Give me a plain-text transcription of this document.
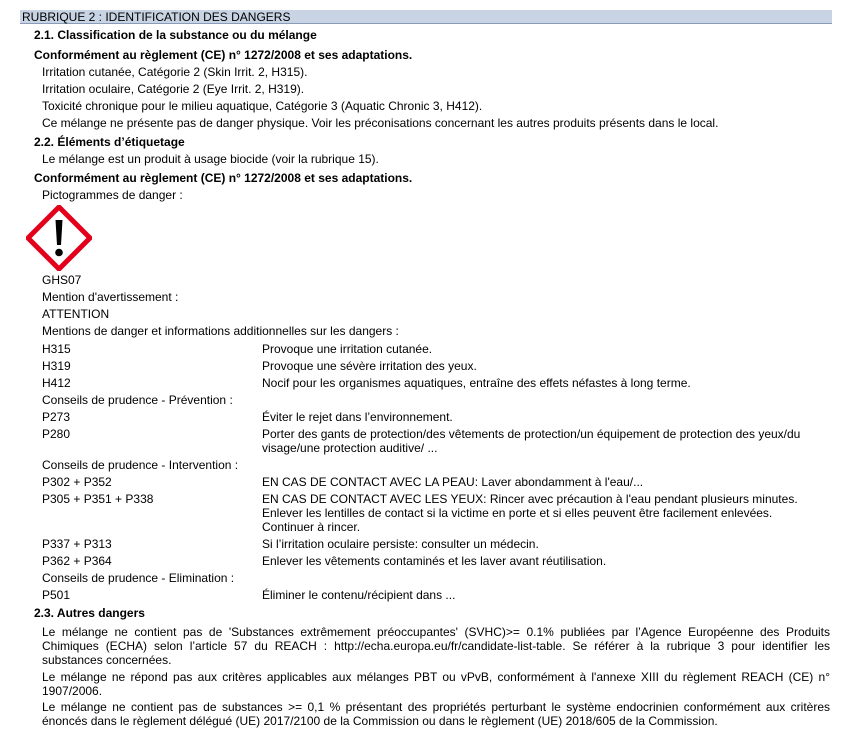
RUBRIQUE 2 : IDENTIFICATION DES DANGERS
2.1. Classification de la substance ou du mélange
Conformément au règlement (CE) n° 1272/2008 et ses adaptations.
Irritation cutanée, Catégorie 2 (Skin Irrit. 2, H315).
Irritation oculaire, Catégorie 2 (Eye Irrit. 2, H319).
Toxicité chronique pour le milieu aquatique, Catégorie 3 (Aquatic Chronic 3, H412).
Ce mélange ne présente pas de danger physique. Voir les préconisations concernant les autres produits présents dans le local.
2.2. Éléments d’étiquetage
Le mélange est un produit à usage biocide (voir la rubrique 15).
Conformément au règlement (CE) n° 1272/2008 et ses adaptations.
Pictogrammes de danger :
GHS07
Mention d'avertissement :
ATTENTION
Mentions de danger et informations additionnelles sur les dangers :
H315	Provoque une irritation cutanée.
H319	Provoque une sévère irritation des yeux.
H412	Nocif pour les organismes aquatiques, entraîne des effets néfastes à long terme.
Conseils de prudence - Prévention :
P273	Éviter le rejet dans l’environnement.
P280	Porter des gants de protection/des vêtements de protection/un équipement de protection des yeux/du
visage/une protection auditive/ ...
Conseils de prudence - Intervention :
P302 + P352	EN CAS DE CONTACT AVEC LA PEAU: Laver abondamment à l'eau/...
P305 + P351 + P338	EN CAS DE CONTACT AVEC LES YEUX: Rincer avec précaution à l'eau pendant plusieurs minutes.
Enlever les lentilles de contact si la victime en porte et si elles peuvent être facilement enlevées.
Continuer à rincer.
P337 + P313	Si l’irritation oculaire persiste: consulter un médecin.
P362 + P364	Enlever les vêtements contaminés et les laver avant réutilisation.
Conseils de prudence - Elimination :
P501	Éliminer le contenu/récipient dans ...
2.3. Autres dangers
Le mélange ne contient pas de 'Substances extrêmement préoccupantes' (SVHC)>= 0.1% publiées par l’Agence Européenne des Produits Chimiques (ECHA) selon l’article 57 du REACH : http://echa.europa.eu/fr/candidate-list-table. Se référer à la rubrique 3 pour identifier les substances concernées.
Le mélange ne répond pas aux critères applicables aux mélanges PBT ou vPvB, conformément à l'annexe XIII du règlement REACH (CE) n° 1907/2006.
Le mélange ne contient pas de substances >= 0,1 % présentant des propriétés perturbant le système endocrinien conformément aux critères énoncés dans le règlement délégué (UE) 2017/2100 de la Commission ou dans le règlement (UE) 2018/605 de la Commission.
